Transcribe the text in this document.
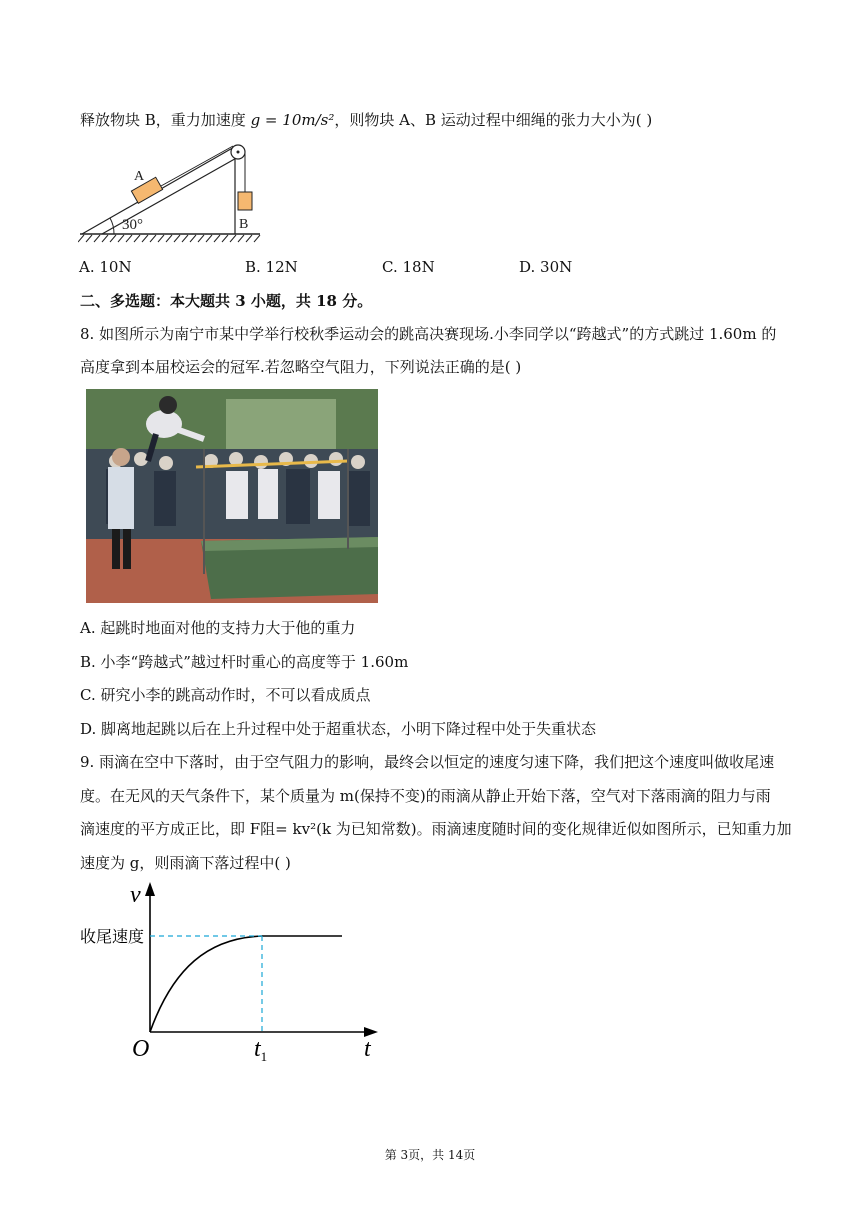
释放物块 B，重力加速度 g = 10m/s²，则物块 A、B 运动过程中细绳的张力大小为( )
A
B
30°
A. 10N	B. 12N	C. 18N	D. 30N
二、多选题：本大题共 3 小题，共 18 分。
8. 如图所示为南宁市某中学举行校秋季运动会的跳高决赛现场.小李同学以“跨越式”的方式跳过 1.60m 的
高度拿到本届校运会的冠军.若忽略空气阻力，下列说法正确的是( )
A. 起跳时地面对他的支持力大于他的重力
B. 小李“跨越式”越过杆时重心的高度等于 1.60m
C. 研究小李的跳高动作时，不可以看成质点
D. 脚离地起跳以后在上升过程中处于超重状态，小明下降过程中处于失重状态
9. 雨滴在空中下落时，由于空气阻力的影响，最终会以恒定的速度匀速下降，我们把这个速度叫做收尾速
度。在无风的天气条件下，某个质量为 m(保持不变)的雨滴从静止开始下落，空气对下落雨滴的阻力与雨
滴速度的平方成正比，即 F阻= kv²(k 为已知常数)。雨滴速度随时间的变化规律近似如图所示，已知重力加
速度为 g，则雨滴下落过程中( )
v
t
O	$t_1$
收尾速度
第 3页，共 14页
